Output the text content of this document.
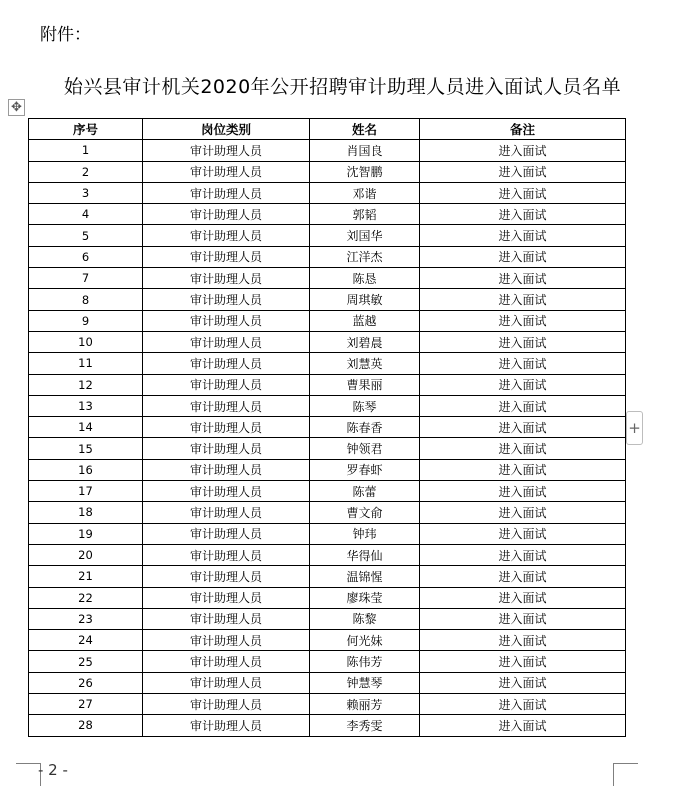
附件：
始兴县审计机关2020年公开招聘审计助理人员进入面试人员名单
✥
+
序号	岗位类别	姓名	备注
1	审计助理人员	肖国良	进入面试
2	审计助理人员	沈智鹏	进入面试
3	审计助理人员	邓谐	进入面试
4	审计助理人员	郭韬	进入面试
5	审计助理人员	刘国华	进入面试
6	审计助理人员	江洋杰	进入面试
7	审计助理人员	陈恳	进入面试
8	审计助理人员	周琪敏	进入面试
9	审计助理人员	蓝越	进入面试
10	审计助理人员	刘碧晨	进入面试
11	审计助理人员	刘慧英	进入面试
12	审计助理人员	曹果丽	进入面试
13	审计助理人员	陈琴	进入面试
14	审计助理人员	陈春香	进入面试
15	审计助理人员	钟领君	进入面试
16	审计助理人员	罗春虾	进入面试
17	审计助理人员	陈蕾	进入面试
18	审计助理人员	曹文俞	进入面试
19	审计助理人员	钟玮	进入面试
20	审计助理人员	华得仙	进入面试
21	审计助理人员	温锦惺	进入面试
22	审计助理人员	廖珠莹	进入面试
23	审计助理人员	陈黎	进入面试
24	审计助理人员	何光妹	进入面试
25	审计助理人员	陈伟芳	进入面试
26	审计助理人员	钟慧琴	进入面试
27	审计助理人员	赖丽芳	进入面试
28	审计助理人员	李秀雯	进入面试
- 2 -
